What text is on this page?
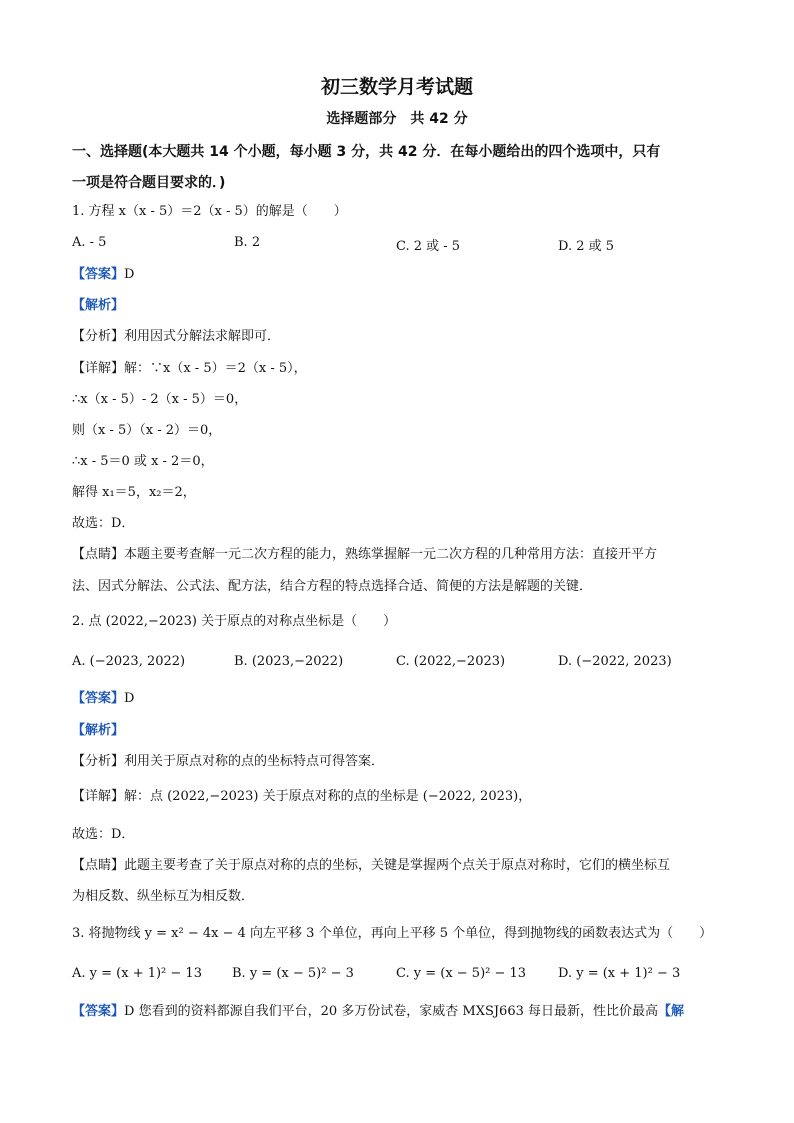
初三数学月考试题
选择题部分　共 42 分
一、选择题(本大题共 14 个小题，每小题 3 分，共 42 分．在每小题给出的四个选项中，只有
一项是符合题目要求的．)
1. 方程 x（x - 5）＝2（x - 5）的解是（　　）
A. - 5	B. 2	C. 2 或 - 5	D. 2 或 5
【答案】D
【解析】
【分析】利用因式分解法求解即可．
【详解】解：∵x（x - 5）＝2（x - 5），
∴x（x - 5）- 2（x - 5）＝0，
则（x - 5）（x - 2）＝0，
∴x - 5＝0 或 x - 2＝0，
解得 x₁＝5，x₂＝2，
故选：D．
【点睛】本题主要考查解一元二次方程的能力，熟练掌握解一元二次方程的几种常用方法：直接开平方
法、因式分解法、公式法、配方法，结合方程的特点选择合适、简便的方法是解题的关键．
2. 点 (2022,−2023) 关于原点的对称点坐标是（　　）
A. (−2023, 2022)	B. (2023,−2022)	C. (2022,−2023)	D. (−2022, 2023)
【答案】D
【解析】
【分析】利用关于原点对称的点的坐标特点可得答案．
【详解】解：点 (2022,−2023) 关于原点对称的点的坐标是 (−2022, 2023)，
故选：D．
【点睛】此题主要考查了关于原点对称的点的坐标，关键是掌握两个点关于原点对称时，它们的横坐标互
为相反数、纵坐标互为相反数．
3. 将抛物线 y = x² − 4x − 4 向左平移 3 个单位，再向上平移 5 个单位，得到抛物线的函数表达式为（　　）
A. y = (x + 1)² − 13 B. y = (x − 5)² − 3	C. y = (x − 5)² − 13 D. y = (x + 1)² − 3
【答案】D 您看到的资料都源自我们平台，20 多万份试卷，家威杏 MXSJ663 每日最新，性比价最高【解
